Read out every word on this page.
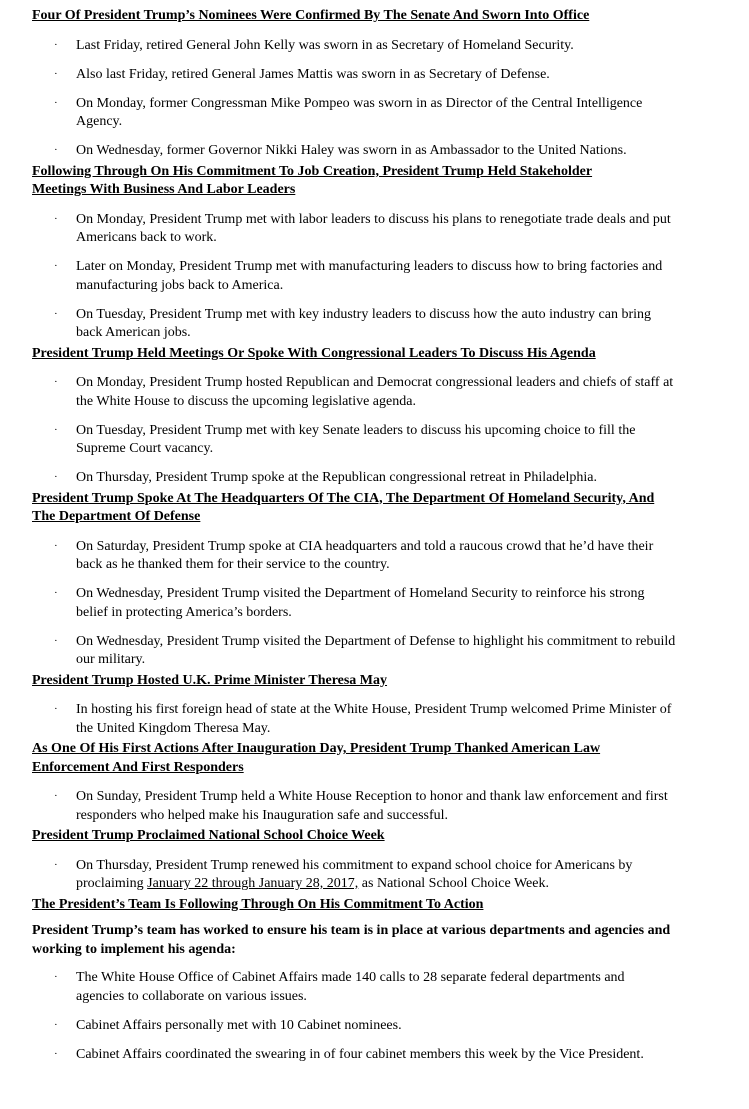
Four Of President Trump’s Nominees Were Confirmed By The Senate And Sworn Into Office
· Last Friday, retired General John Kelly was sworn in as Secretary of Homeland Security.
· Also last Friday, retired General James Mattis was sworn in as Secretary of Defense.
· On Monday, former Congressman Mike Pompeo was sworn in as Director of the Central Intelligence Agency.
· On Wednesday, former Governor Nikki Haley was sworn in as Ambassador to the United Nations.
Following Through On His Commitment To Job Creation, President Trump Held Stakeholder Meetings With Business And Labor Leaders
· On Monday, President Trump met with labor leaders to discuss his plans to renegotiate trade deals and put Americans back to work.
· Later on Monday, President Trump met with manufacturing leaders to discuss how to bring factories and manufacturing jobs back to America.
· On Tuesday, President Trump met with key industry leaders to discuss how the auto industry can bring back American jobs.
President Trump Held Meetings Or Spoke With Congressional Leaders To Discuss His Agenda
· On Monday, President Trump hosted Republican and Democrat congressional leaders and chiefs of staff at the White House to discuss the upcoming legislative agenda.
· On Tuesday, President Trump met with key Senate leaders to discuss his upcoming choice to fill the Supreme Court vacancy.
· On Thursday, President Trump spoke at the Republican congressional retreat in Philadelphia.
President Trump Spoke At The Headquarters Of The CIA, The Department Of Homeland Security, And The Department Of Defense
· On Saturday, President Trump spoke at CIA headquarters and told a raucous crowd that he’d have their back as he thanked them for their service to the country.
· On Wednesday, President Trump visited the Department of Homeland Security to reinforce his strong belief in protecting America’s borders.
· On Wednesday, President Trump visited the Department of Defense to highlight his commitment to rebuild our military.
President Trump Hosted U.K. Prime Minister Theresa May
· In hosting his first foreign head of state at the White House, President Trump welcomed Prime Minister of the United Kingdom Theresa May.
As One Of His First Actions After Inauguration Day, President Trump Thanked American Law Enforcement And First Responders
· On Sunday, President Trump held a White House Reception to honor and thank law enforcement and first responders who helped make his Inauguration safe and successful.
President Trump Proclaimed National School Choice Week
· On Thursday, President Trump renewed his commitment to expand school choice for Americans by proclaiming January 22 through January 28, 2017, as National School Choice Week.
The President’s Team Is Following Through On His Commitment To Action
President Trump’s team has worked to ensure his team is in place at various departments and agencies and working to implement his agenda:
· The White House Office of Cabinet Affairs made 140 calls to 28 separate federal departments and agencies to collaborate on various issues.
· Cabinet Affairs personally met with 10 Cabinet nominees.
· Cabinet Affairs coordinated the swearing in of four cabinet members this week by the Vice President.
